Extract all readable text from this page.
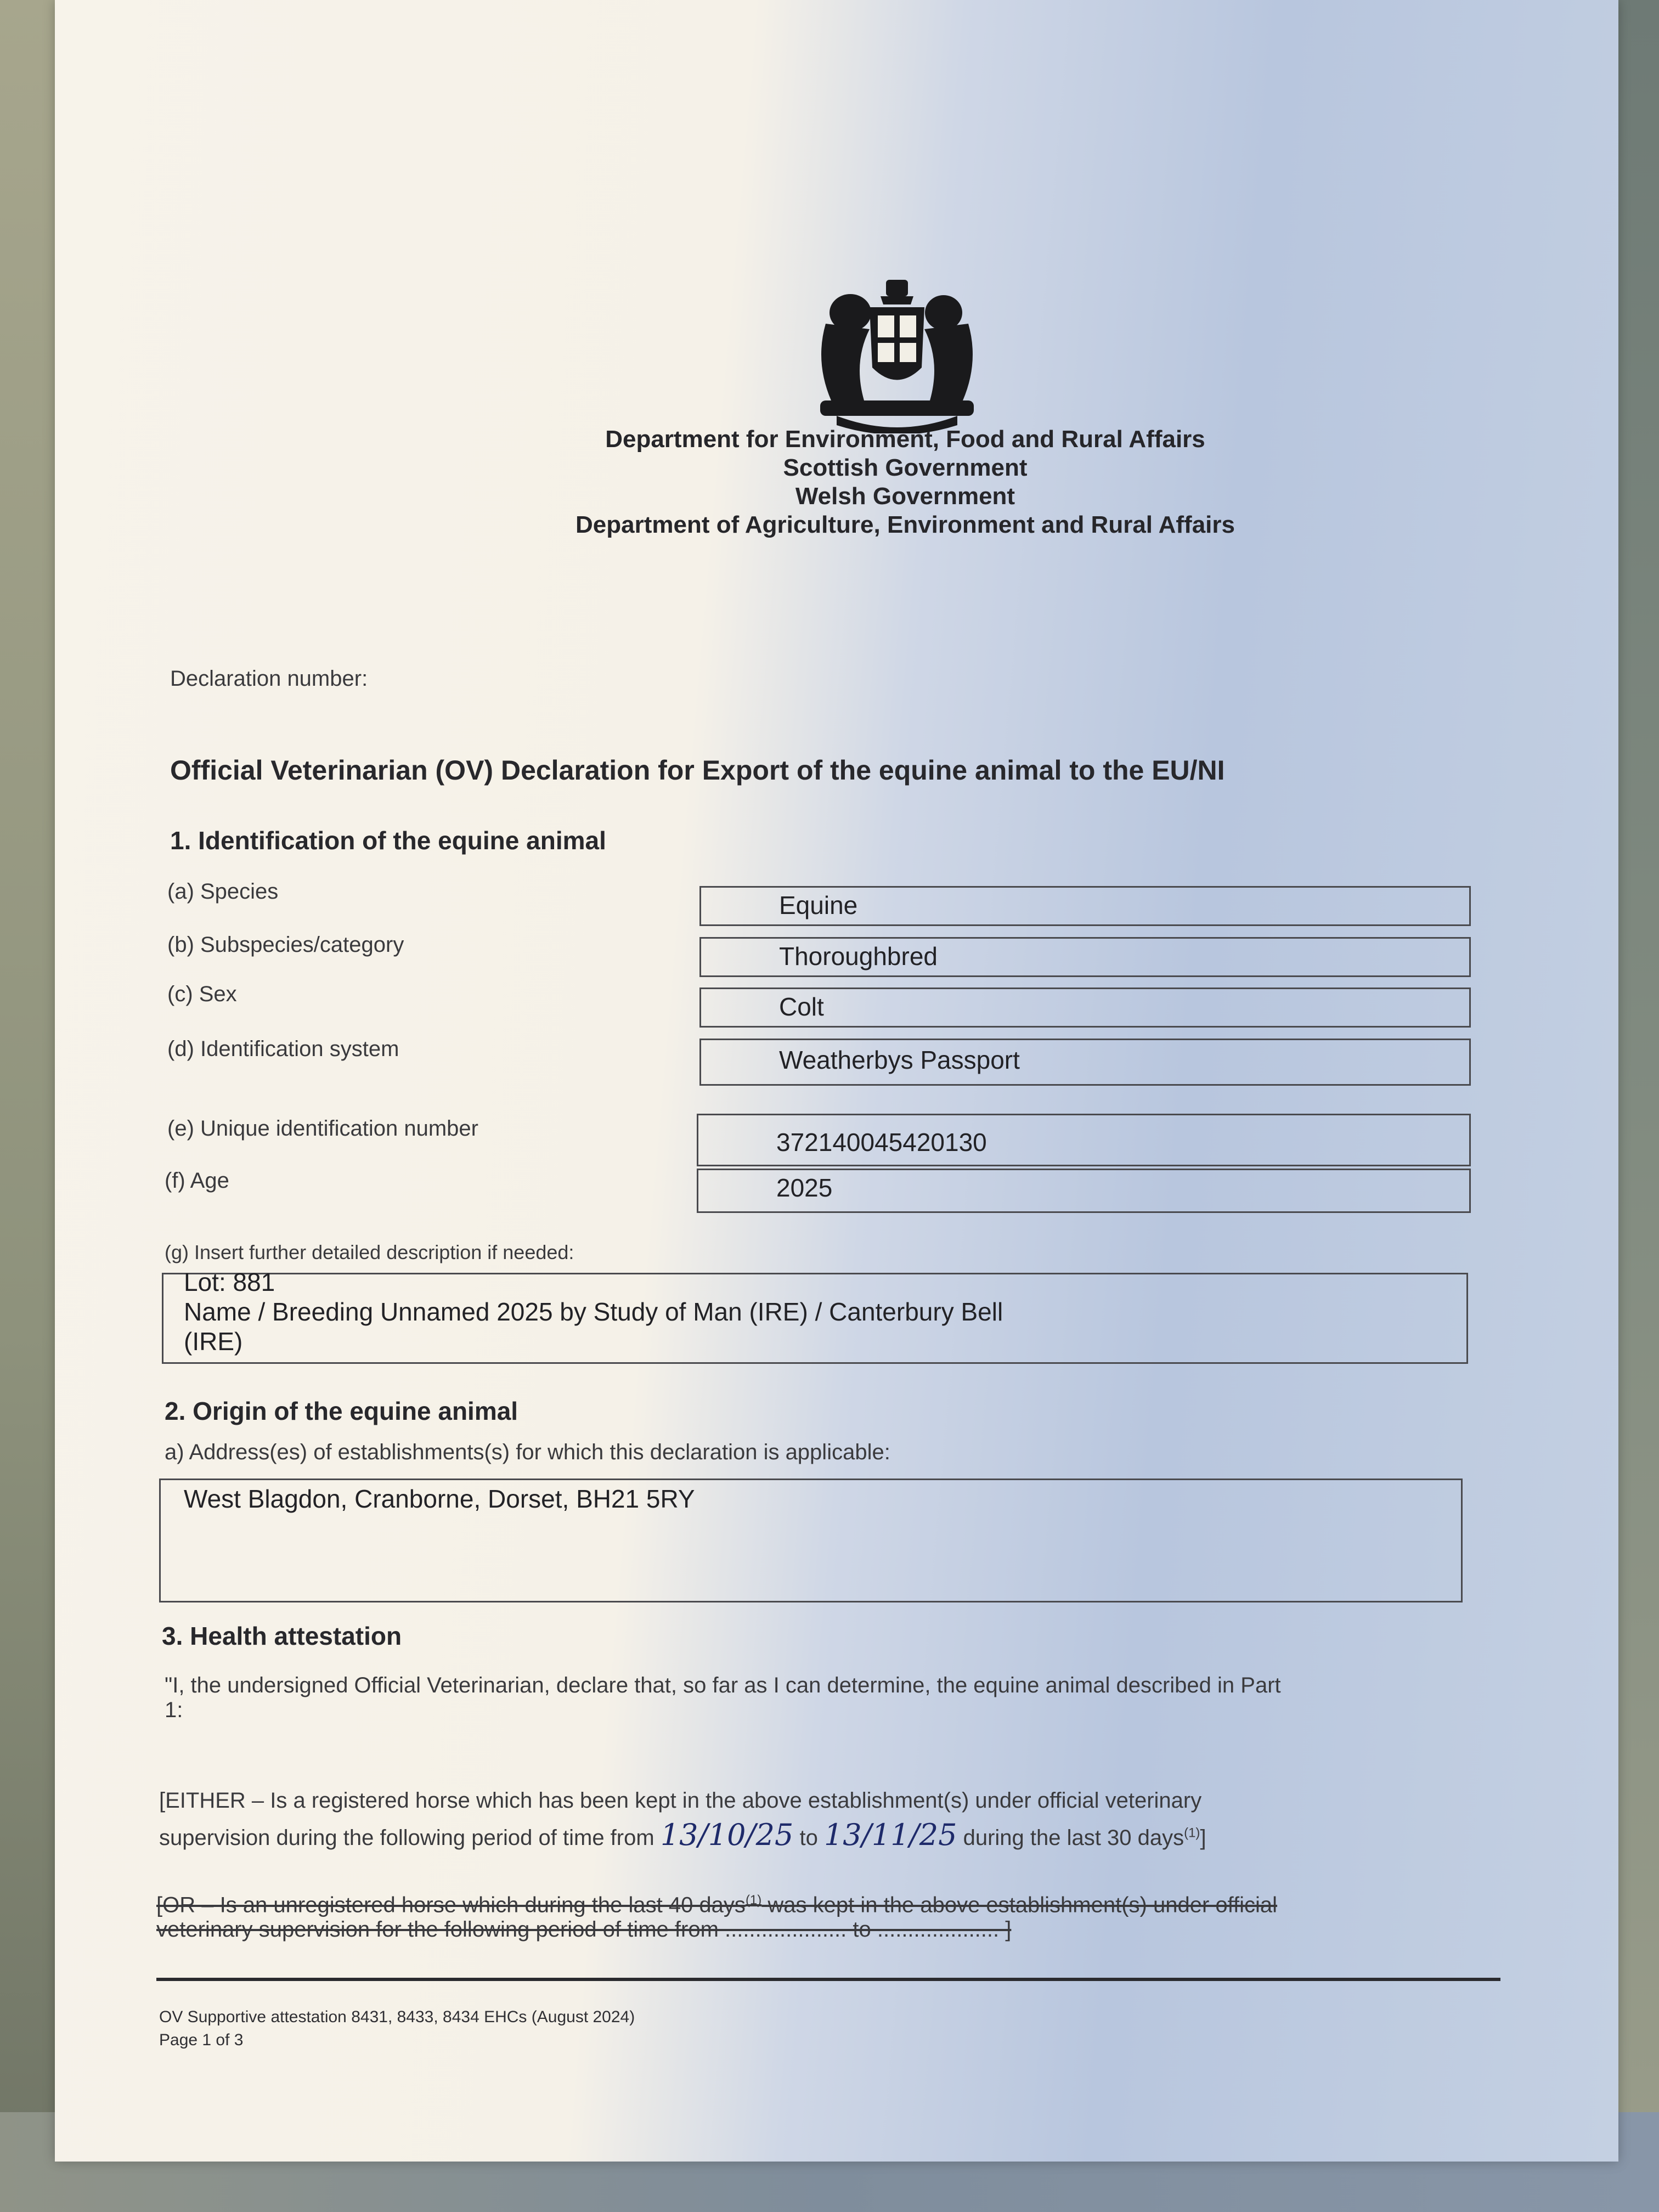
Department for Environment, Food and Rural Affairs
Scottish Government
Welsh Government
Department of Agriculture, Environment and Rural Affairs
Declaration number:
Official Veterinarian (OV) Declaration for Export of the equine animal to the EU/NI
1. Identification of the equine animal
(a) Species	Equine
(b) Subspecies/category	Thoroughbred
(c) Sex	Colt
(d) Identification system	Weatherbys Passport
(e) Unique identification number	372140045420130
(f) Age	2025
(g) Insert further detailed description if needed:
Lot: 881
Name / Breeding Unnamed 2025 by Study of Man (IRE) / Canterbury Bell
(IRE)
2. Origin of the equine animal
a) Address(es) of establishments(s) for which this declaration is applicable:
West Blagdon, Cranborne, Dorset, BH21 5RY
3. Health attestation
"I, the undersigned Official Veterinarian, declare that, so far as I can determine, the equine animal described in Part
1:
[EITHER – Is a registered horse which has been kept in the above establishment(s) under official veterinary
supervision during the following period of time from 13/10/25 to 13/11/25 during the last 30 days$^{(1)}$]
[OR – Is an unregistered horse which during the last 40 days$^{(1)}$ was kept in the above establishment(s) under official
veterinary supervision for the following period of time from .................... to .................... ]
OV Supportive attestation 8431, 8433, 8434 EHCs (August 2024)
Page 1 of 3
